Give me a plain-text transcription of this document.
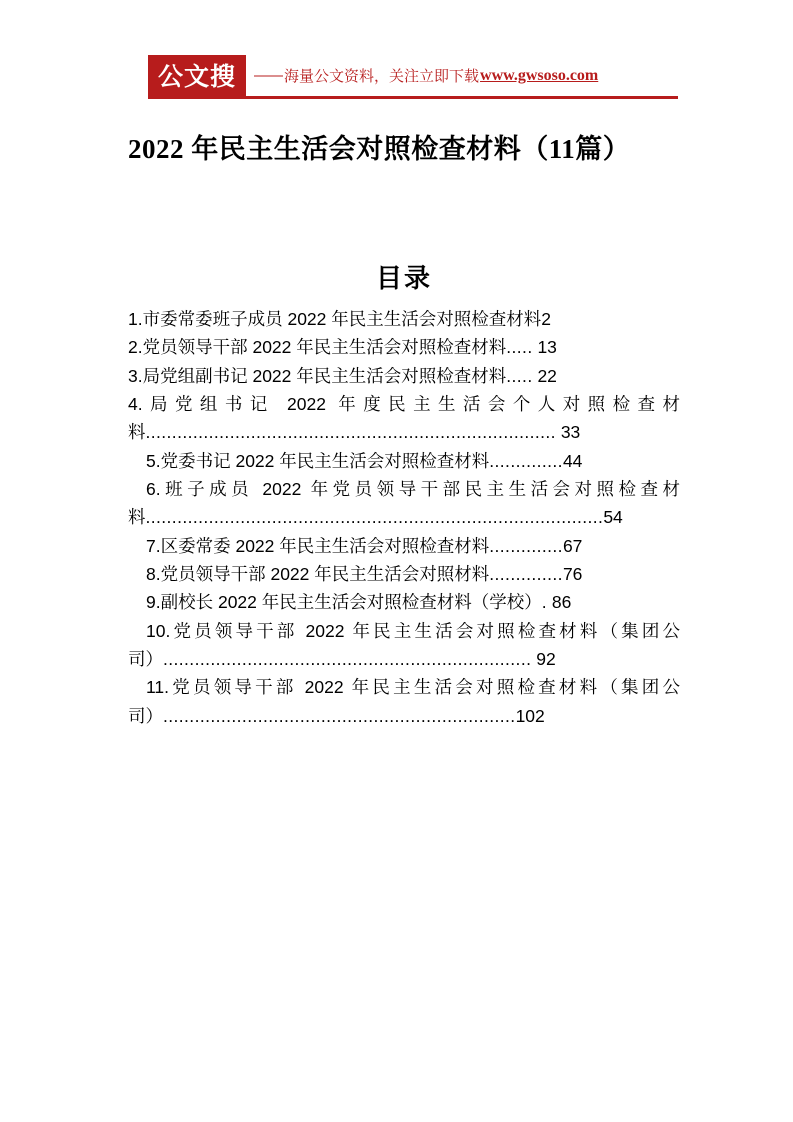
公文搜	—— 海量公文资料，关注立即下载 www.gwsoso.com
2022 年民主生活会对照检查材料（11篇）
目录

1.市委常委班子成员 2022 年民主生活会对照检查材料2

2.党员领导干部 2022 年民主生活会对照检查材料..... 13

3.局党组副书记 2022 年民主生活会对照检查材料..... 22

4.局党组书记 2022 年度民主生活会个人对照检查材料.............................................................................. 33

5.党委书记 2022 年民主生活会对照检查材料..............44

6.班子成员 2022 年党员领导干部民主生活会对照检查材料.......................................................................................54

7.区委常委 2022 年民主生活会对照检查材料..............67

8.党员领导干部 2022 年民主生活会对照材料..............76

9.副校长 2022 年民主生活会对照检查材料（学校）. 86

10.党员领导干部 2022 年民主生活会对照检查材料（集团公司）...................................................................... 92

11.党员领导干部 2022 年民主生活会对照检查材料（集团公司）...................................................................102
